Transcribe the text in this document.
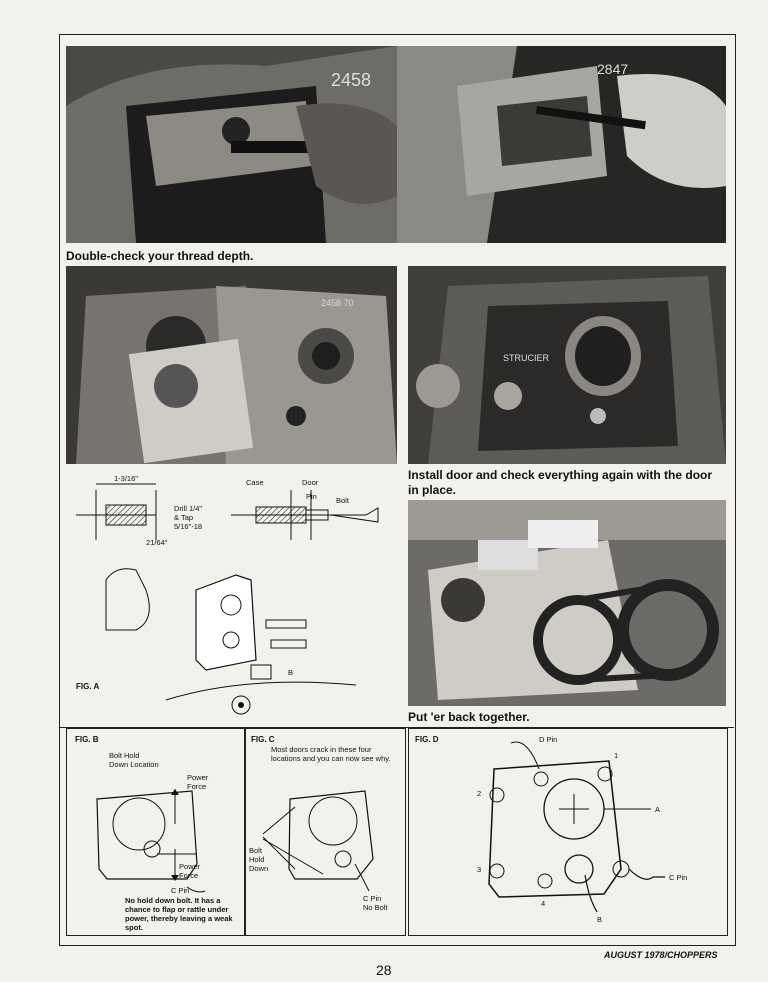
2458
2847
Double-check your thread depth.
2458 70
STRUCIER
1-3/16"
Drill 1/4"
& Tap
5/16"-18
21/64"
Case	Door
Pin	Bolt
B
FIG. A
Install door and check everything again with the door in place.
Put 'er back together.
FIG. B
Bolt Hold
Down Location
Power
Force
Power
Force
C Pin
No hold down bolt. It has a chance to flap or rattle under power, thereby leaving a weak spot.
FIG. C
Most doors crack in these four locations and you can now see why.
Bolt
Hold
Down
C Pin
No Bolt
FIG. D	D Pin
1
2
3
4
A
B
C Pin
AUGUST 1978/CHOPPERS
28
